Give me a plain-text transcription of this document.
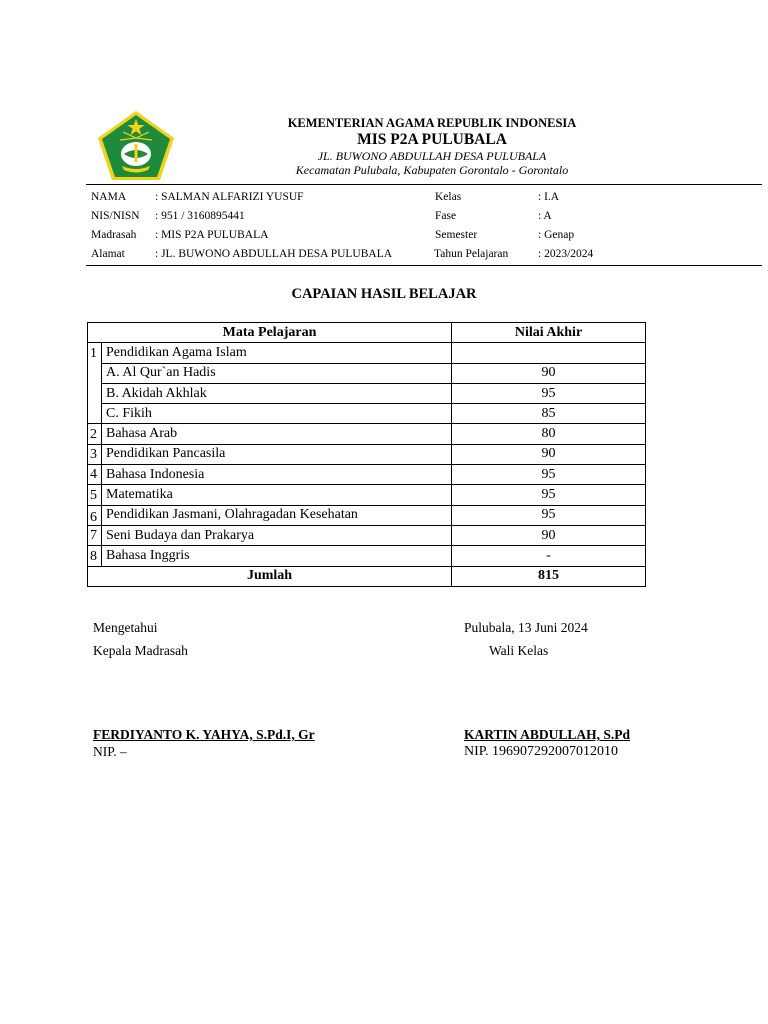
KEMENTERIAN AGAMA REPUBLIK INDONESIA
MIS P2A PULUBALA
JL. BUWONO ABDULLAH DESA PULUBALA
Kecamatan Pulubala, Kabupaten Gorontalo - Gorontalo
NAMA	: SALMAN ALFARIZI YUSUF
NIS/NISN : 951 / 3160895441
Madrasah : MIS P2A PULUBALA
Alamat	: JL. BUWONO ABDULLAH DESA PULUBALA
Kelas	: I.A
Fase	: A
Semester	: Genap
Tahun Pelajaran	: 2023/2024
CAPAIAN HASIL BELAJAR
Mata Pelajaran		Nilai Akhir
1	Pendidikan Agama Islam	
	A. Al Qur`an Hadis	90
	B. Akidah Akhlak	95
	C. Fikih	85
2	Bahasa Arab	80
3	Pendidikan Pancasila	90
4	Bahasa Indonesia	95
5	Matematika	95
6	Pendidikan Jasmani, Olahragadan Kesehatan	95
7	Seni Budaya dan Prakarya	90
8	Bahasa Inggris	-
Jumlah		815
Mengetahui
Kepala Madrasah
FERDIYANTO K. YAHYA, S.Pd.I, Gr
NIP. –
Pulubala, 13 Juni 2024
Wali Kelas
KARTIN ABDULLAH, S.Pd
NIP. 196907292007012010
